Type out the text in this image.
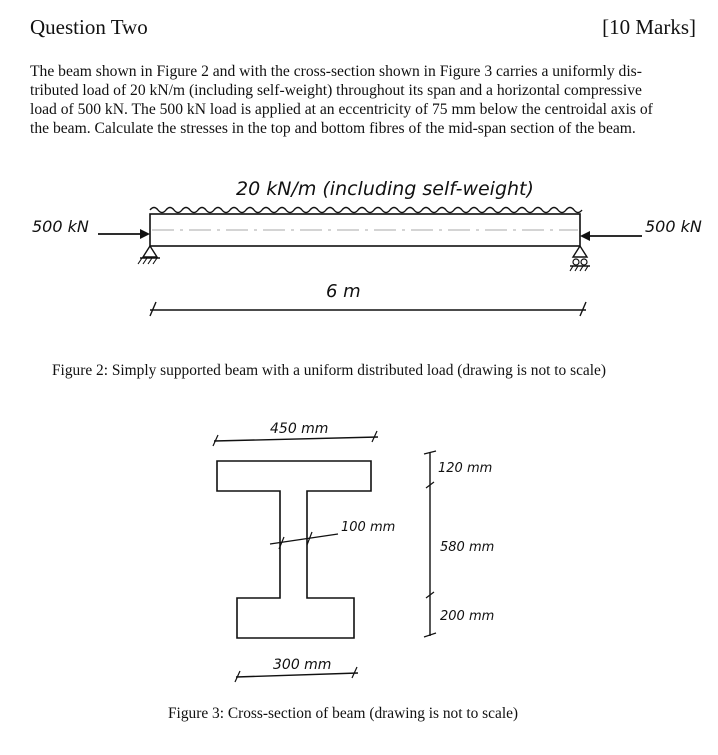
Question Two	[10 Marks]
The beam shown in Figure 2 and with the cross-section shown in Figure 3 carries a uniformly dis-
tributed load of 20 kN/m (including self-weight) throughout its span and a horizontal compressive
load of 500 kN. The 500 kN load is applied at an eccentricity of 75 mm below the centroidal axis of
the beam. Calculate the stresses in the top and bottom fibres of the mid-span section of the beam.
20 kN/m (including self-weight)
500 kN	500 kN
6 m
Figure 2: Simply supported beam with a uniform distributed load (drawing is not to scale)
450 mm
100 mm
120 mm
580 mm
200 mm
300 mm
Figure 3: Cross-section of beam (drawing is not to scale)
